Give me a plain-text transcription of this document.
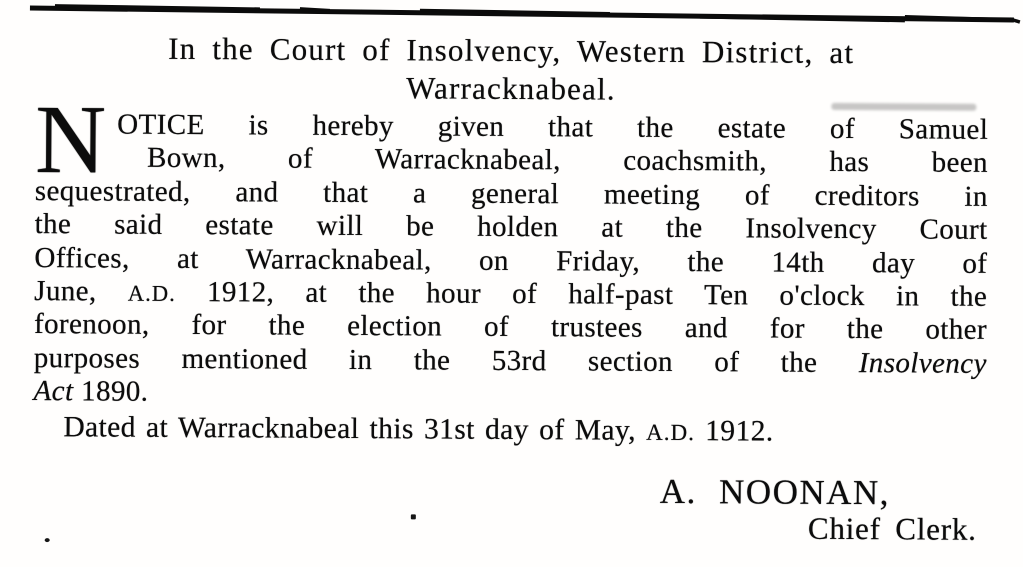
In the Court of Insolvency, Western District, at
Warracknabeal.
N OTICE is hereby given that the estate of Samuel
Bown, of Warracknabeal, coachsmith, has been
sequestrated, and that a general meeting of creditors in
the said estate will be holden at the Insolvency Court
Offices, at Warracknabeal, on Friday, the 14th day of
June, A.D. 1912, at the hour of half-past Ten o'clock in the
forenoon, for the election of trustees and for the other
purposes mentioned in the 53rd section of the Insolvency
Act 1890.
Dated at Warracknabeal this 31st day of May, A.D. 1912.
A. NOONAN,
Chief Clerk.
